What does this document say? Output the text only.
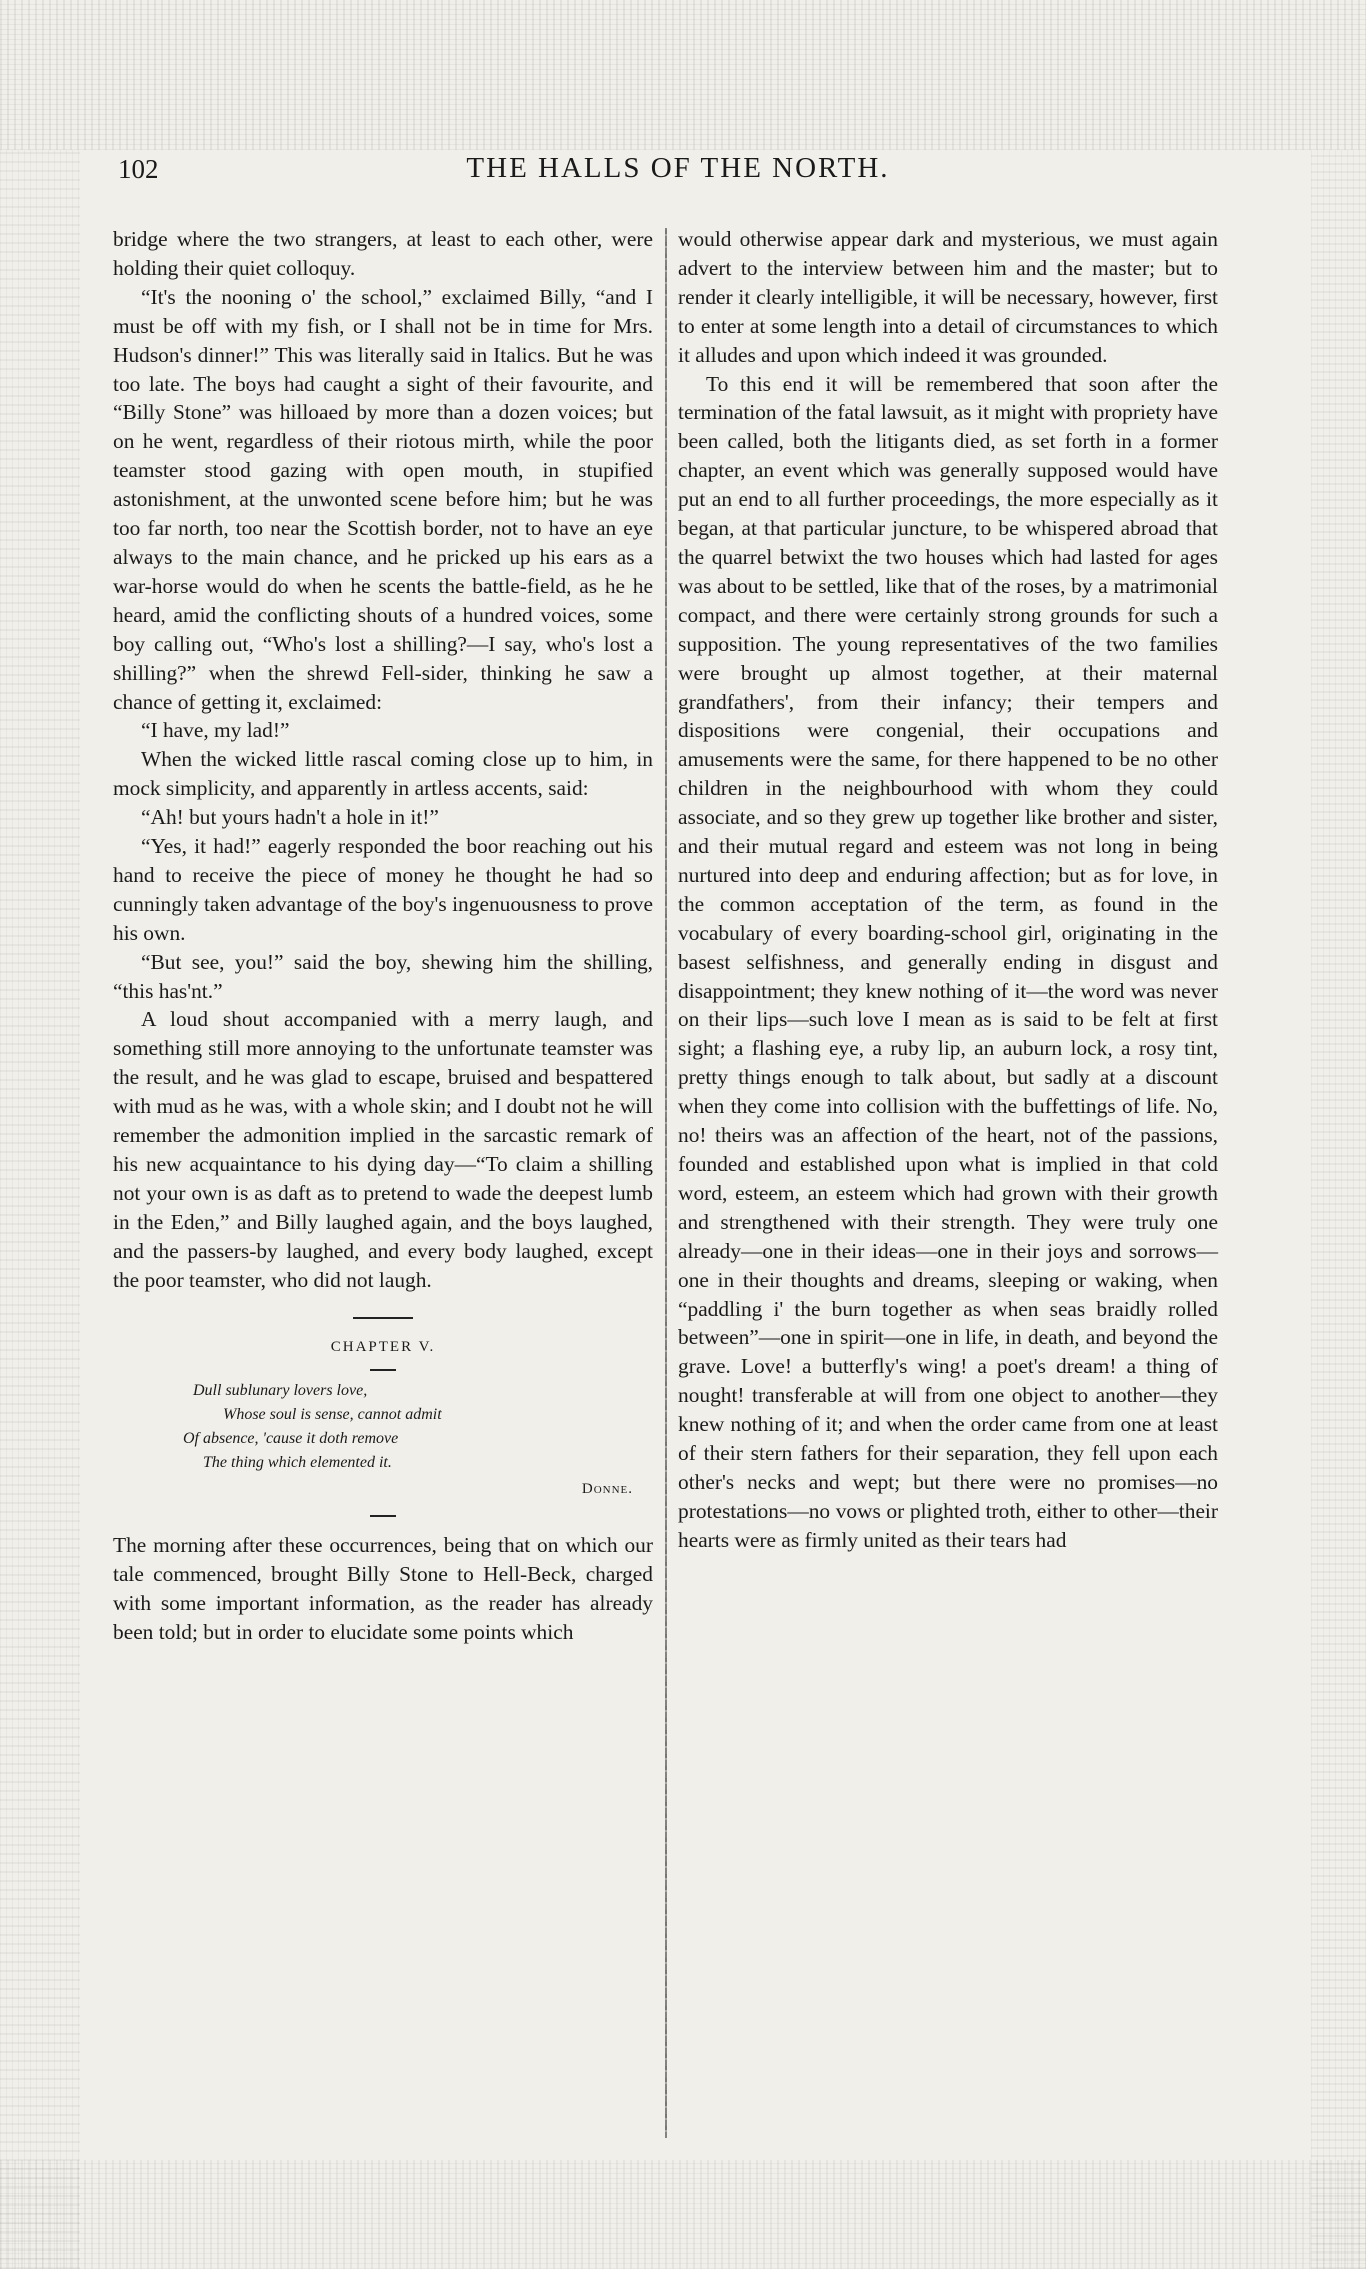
102	THE HALLS OF THE NORTH.

bridge where the two strangers, at least to each other, were holding their quiet colloquy.

“It's the nooning o' the school,” exclaimed Billy, “and I must be off with my fish, or I shall not be in time for Mrs. Hudson's dinner!” This was literally said in Italics. But he was too late. The boys had caught a sight of their favourite, and “Billy Stone” was hilloaed by more than a dozen voices; but on he went, regardless of their riotous mirth, while the poor teamster stood gazing with open mouth, in stupified astonishment, at the unwonted scene before him; but he was too far north, too near the Scottish border, not to have an eye always to the main chance, and he pricked up his ears as a war-horse would do when he scents the battle-field, as he he heard, amid the conflicting shouts of a hundred voices, some boy calling out, “Who's lost a shilling?—I say, who's lost a shilling?” when the shrewd Fell-sider, thinking he saw a chance of getting it, exclaimed:

“I have, my lad!”

When the wicked little rascal coming close up to him, in mock simplicity, and apparently in artless accents, said:

“Ah! but yours hadn't a hole in it!”

“Yes, it had!” eagerly responded the boor reaching out his hand to receive the piece of money he thought he had so cunningly taken advantage of the boy's ingenuousness to prove his own.

“But see, you!” said the boy, shewing him the shilling, “this has'nt.”

A loud shout accompanied with a merry laugh, and something still more annoying to the unfortunate teamster was the result, and he was glad to escape, bruised and bespattered with mud as he was, with a whole skin; and I doubt not he will remember the admonition implied in the sarcastic remark of his new acquaintance to his dying day—“To claim a shilling not your own is as daft as to pretend to wade the deepest lumb in the Eden,” and Billy laughed again, and the boys laughed, and the passers-by laughed, and every body laughed, except the poor teamster, who did not laugh.

CHAPTER V.

Dull sublunary lovers love,
Whose soul is sense, cannot admit
Of absence, 'cause it doth remove
The thing which elemented it.
Donne.

The morning after these occurrences, being that on which our tale commenced, brought Billy Stone to Hell-Beck, charged with some important information, as the reader has already been told; but in order to elucidate some points which

would otherwise appear dark and mysterious, we must again advert to the interview between him and the master; but to render it clearly intelligible, it will be necessary, however, first to enter at some length into a detail of circumstances to which it alludes and upon which indeed it was grounded.

To this end it will be remembered that soon after the termination of the fatal lawsuit, as it might with propriety have been called, both the litigants died, as set forth in a former chapter, an event which was generally supposed would have put an end to all further proceedings, the more especially as it began, at that particular juncture, to be whispered abroad that the quarrel betwixt the two houses which had lasted for ages was about to be settled, like that of the roses, by a matrimonial compact, and there were certainly strong grounds for such a supposition. The young representatives of the two families were brought up almost together, at their maternal grandfathers', from their infancy; their tempers and dispositions were congenial, their occupations and amusements were the same, for there happened to be no other children in the neighbourhood with whom they could associate, and so they grew up together like brother and sister, and their mutual regard and esteem was not long in being nurtured into deep and enduring affection; but as for love, in the common acceptation of the term, as found in the vocabulary of every boarding-school girl, originating in the basest selfishness, and generally ending in disgust and disappointment; they knew nothing of it—the word was never on their lips—such love I mean as is said to be felt at first sight; a flashing eye, a ruby lip, an auburn lock, a rosy tint, pretty things enough to talk about, but sadly at a discount when they come into collision with the buffettings of life. No, no! theirs was an affection of the heart, not of the passions, founded and established upon what is implied in that cold word, esteem, an esteem which had grown with their growth and strengthened with their strength. They were truly one already—one in their ideas—one in their joys and sorrows—one in their thoughts and dreams, sleeping or waking, when “paddling i' the burn together as when seas braidly rolled between”—one in spirit—one in life, in death, and beyond the grave. Love! a butterfly's wing! a poet's dream! a thing of nought! transferable at will from one object to another—they knew nothing of it; and when the order came from one at least of their stern fathers for their separation, they fell upon each other's necks and wept; but there were no promises—no protestations—no vows or plighted troth, either to other—their hearts were as firmly united as their tears had
